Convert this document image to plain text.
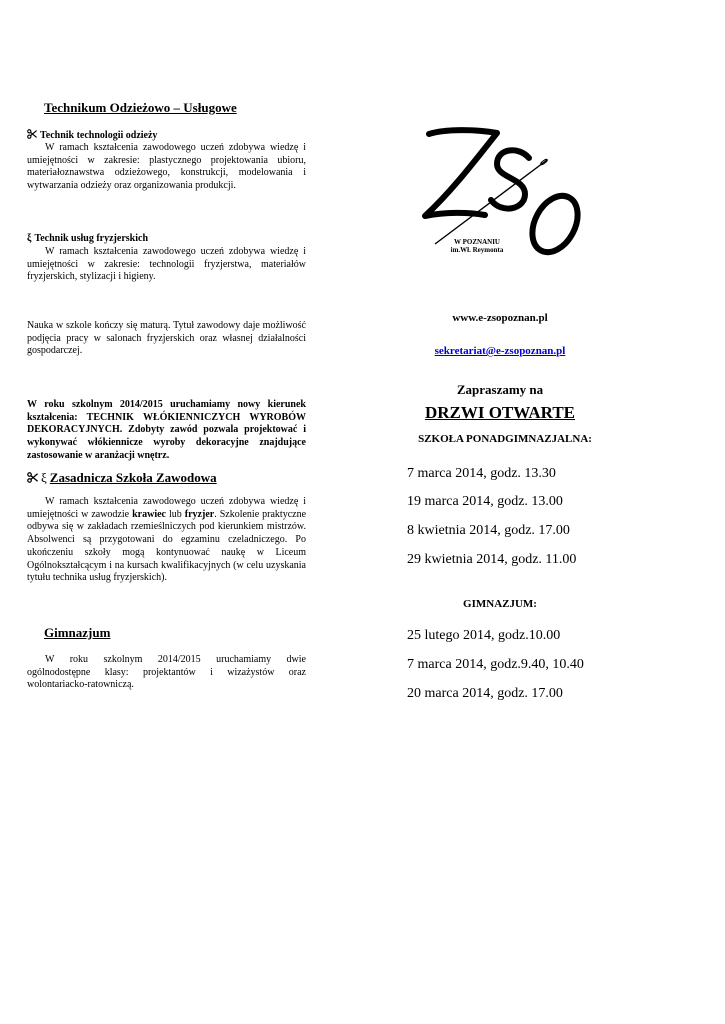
Technikum Odzieżowo – Usługowe
Technik technologii odzieży
W ramach kształcenia zawodowego uczeń zdobywa wiedzę i umiejętności w zakresie: plastycznego projektowania ubioru, materiałoznawstwa odzieżowego, konstrukcji, modelowania i wytwarzania odzieży oraz organizowania produkcji.
ξ Technik usług fryzjerskich
W ramach kształcenia zawodowego uczeń zdobywa wiedzę i umiejętności w zakresie: technologii fryzjerstwa, materiałów fryzjerskich, stylizacji i higieny.
Nauka w szkole kończy się maturą. Tytuł zawodowy daje możliwość podjęcia pracy w salonach fryzjerskich oraz własnej działalności gospodarczej.
W roku szkolnym 2014/2015 uruchamiamy nowy kierunek kształcenia: TECHNIK WŁÓKIENNICZYCH WYROBÓW DEKORACYJNYCH. Zdobyty zawód pozwala projektować i wykonywać włókiennicze wyroby dekoracyjne znajdujące zastosowanie w aranżacji wnętrz.
ξ Zasadnicza Szkoła Zawodowa
W ramach kształcenia zawodowego uczeń zdobywa wiedzę i umiejętności w zawodzie krawiec lub fryzjer. Szkolenie praktyczne odbywa się w zakładach rzemieślniczych pod kierunkiem mistrzów. Absolwenci są przygotowani do egzaminu czeladniczego. Po ukończeniu szkoły mogą kontynuować naukę w Liceum Ogólnokształcącym i na kursach kwalifikacyjnych (w celu uzyskania tytułu technika usług fryzjerskich).
Gimnazjum
W roku szkolnym 2014/2015 uruchamiamy dwie ogólnodostępne klasy: projektantów i wizażystów oraz wolontariacko-ratowniczą.
W POZNANIU
im.Wł. Reymonta
www.e-zsopoznan.pl
sekretariat@e-zsopoznan.pl
Zapraszamy na
DRZWI OTWARTE
SZKOŁA PONADGIMNAZJALNA:
7 marca 2014, godz. 13.30
19 marca 2014, godz. 13.00
8 kwietnia 2014, godz. 17.00
29 kwietnia 2014, godz. 11.00
GIMNAZJUM:
25 lutego 2014, godz.10.00
7 marca 2014, godz.9.40, 10.40
20 marca 2014, godz. 17.00
